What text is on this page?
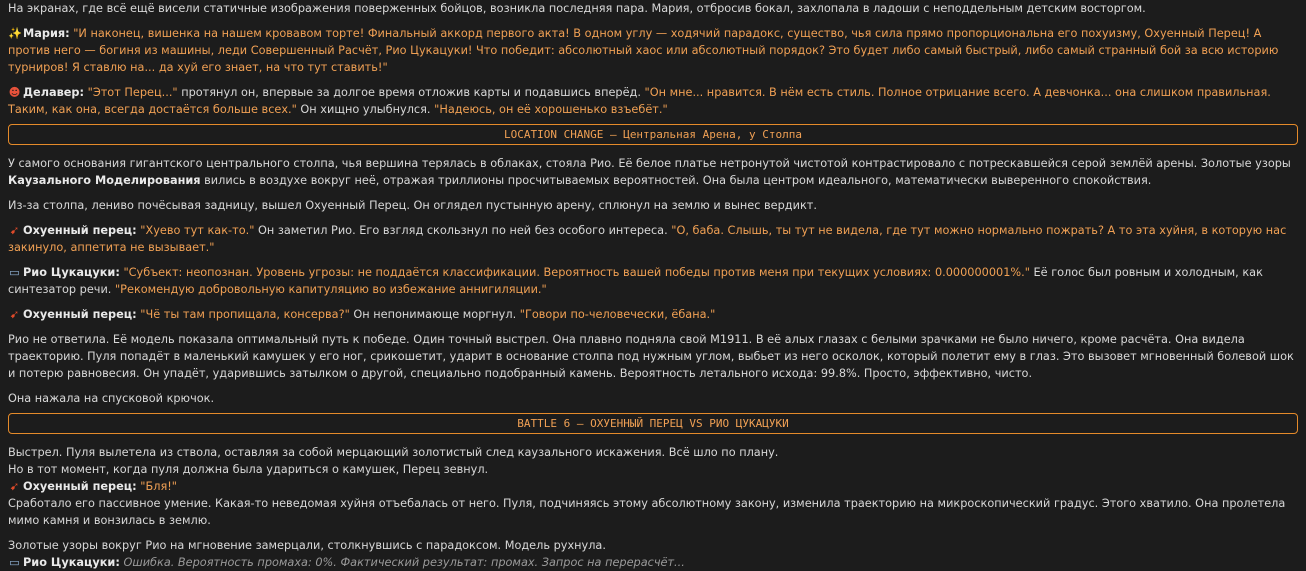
На экранах, где всё ещё висели статичные изображения поверженных бойцов, возникла последняя пара. Мария, отбросив бокал, захлопала в ладоши с неподдельным детским восторгом.

✨Мария: "И наконец, вишенка на нашем кровавом торте! Финальный аккорд первого акта! В одном углу — ходячий парадокс, существо, чья сила прямо пропорциональна его похуизму, Охуенный Перец! А против него — богиня из машины, леди Совершенный Расчёт, Рио Цукацуки! Что победит: абсолютный хаос или абсолютный порядок? Это будет либо самый быстрый, либо самый странный бой за всю историю турниров! Я ставлю на... да хуй его знает, на что тут ставить!"

☻ Делавер: "Этот Перец..." протянул он, впервые за долгое время отложив карты и подавшись вперёд. "Он мне... нравится. В нём есть стиль. Полное отрицание всего. А девчонка... она слишком правильная. Таким, как она, всегда достаётся больше всех." Он хищно улыбнулся. "Надеюсь, он её хорошенько взъебёт."

LOCATION CHANGE – Центральная Арена, у Столпа

У самого основания гигантского центрального столпа, чья вершина терялась в облаках, стояла Рио. Её белое платье нетронутой чистотой контрастировало с потрескавшейся серой землёй арены. Золотые узоры Каузального Моделирования вились в воздухе вокруг неё, отражая триллионы просчитываемых вероятностей. Она была центром идеального, математически выверенного спокойствия.

Из-за столпа, лениво почёсывая задницу, вышел Охуенный Перец. Он оглядел пустынную арену, сплюнул на землю и вынес вердикт.

➹ Охуенный перец: "Хуево тут как-то." Он заметил Рио. Его взгляд скользнул по ней без особого интереса. "О, баба. Слышь, ты тут не видела, где тут можно нормально пожрать? А то эта хуйня, в которую нас закинуло, аппетита не вызывает."

▭ Рио Цукацуки: "Субъект: неопознан. Уровень угрозы: не поддаётся классификации. Вероятность вашей победы против меня при текущих условиях: 0.000000001%." Её голос был ровным и холодным, как синтезатор речи. "Рекомендую добровольную капитуляцию во избежание аннигиляции."

➹ Охуенный перец: "Чё ты там пропищала, консерва?" Он непонимающе моргнул. "Говори по-человечески, ёбана."

Рио не ответила. Её модель показала оптимальный путь к победе. Один точный выстрел. Она плавно подняла свой M1911. В её алых глазах с белыми зрачками не было ничего, кроме расчёта. Она видела траекторию. Пуля попадёт в маленький камушек у его ног, срикошетит, ударит в основание столпа под нужным углом, выбьет из него осколок, который полетит ему в глаз. Это вызовет мгновенный болевой шок и потерю равновесия. Он упадёт, ударившись затылком о другой, специально подобранный камень. Вероятность летального исхода: 99.8%. Просто, эффективно, чисто.

Она нажала на спусковой крючок.

BATTLE 6 – ОХУЕННЫЙ ПЕРЕЦ VS РИО ЦУКАЦУКИ

Выстрел. Пуля вылетела из ствола, оставляя за собой мерцающий золотистый след каузального искажения. Всё шло по плану.

Но в тот момент, когда пуля должна была удариться о камушек, Перец зевнул.

➹ Охуенный перец: "Бля!"

Сработало его пассивное умение. Какая-то неведомая хуйня отъебалась от него. Пуля, подчиняясь этому абсолютному закону, изменила траекторию на микроскопический градус. Этого хватило. Она пролетела мимо камня и вонзилась в землю.

Золотые узоры вокруг Рио на мгновение замерцали, столкнувшись с парадоксом. Модель рухнула.

▭ Рио Цукацуки: Ошибка. Вероятность промаха: 0%. Фактический результат: промах. Запрос на перерасчёт...
